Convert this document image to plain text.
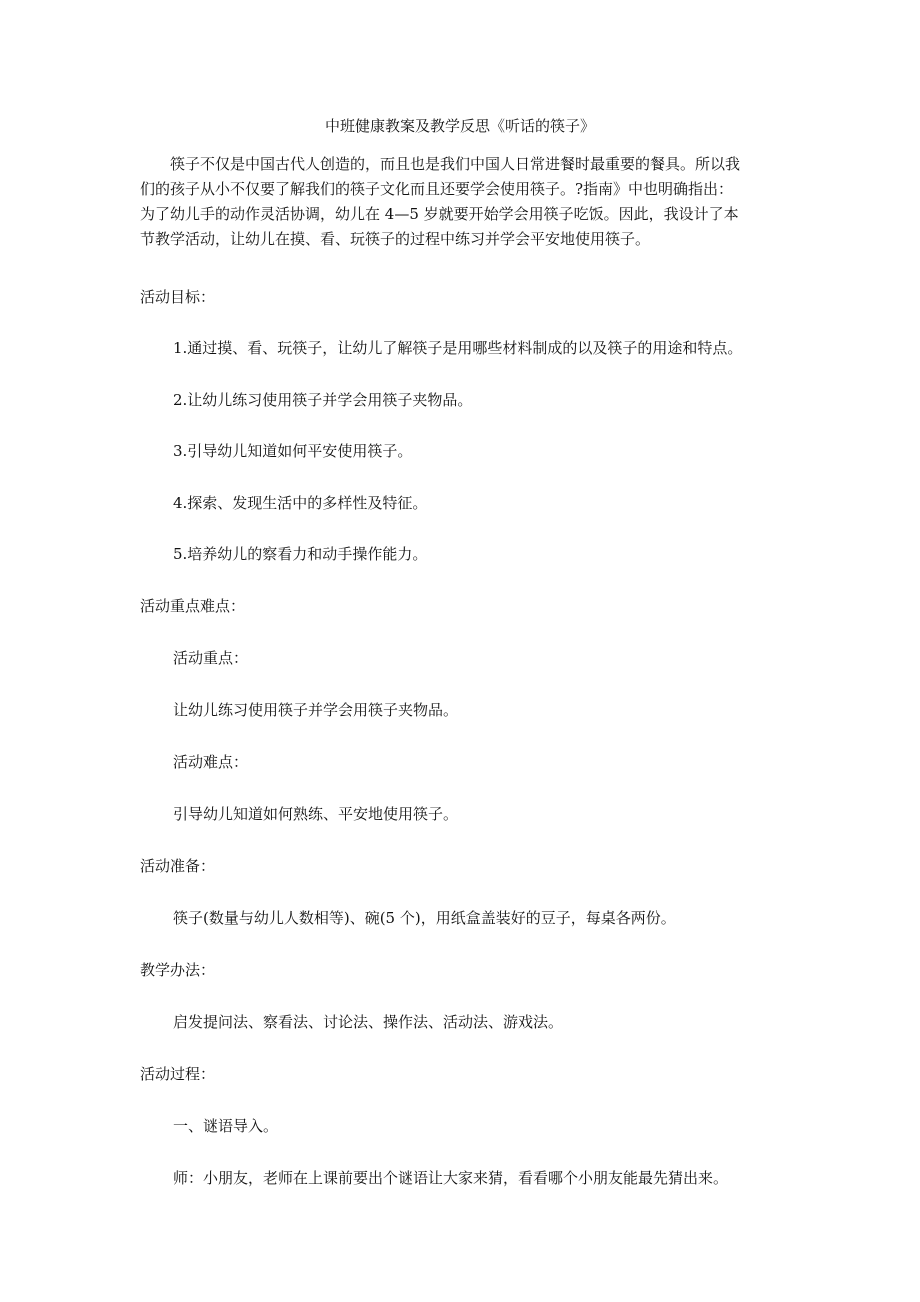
中班健康教案及教学反思《听话的筷子》
　　筷子不仅是中国古代人创造的，而且也是我们中国人日常进餐时最重要的餐具。所以我
们的孩子从小不仅要了解我们的筷子文化而且还要学会使用筷子。?指南》中也明确指出：
为了幼儿手的动作灵活协调，幼儿在 4—5 岁就要开始学会用筷子吃饭。因此，我设计了本
节教学活动，让幼儿在摸、看、玩筷子的过程中练习并学会平安地使用筷子。
活动目标：
1.通过摸、看、玩筷子，让幼儿了解筷子是用哪些材料制成的以及筷子的用途和特点。
2.让幼儿练习使用筷子并学会用筷子夹物品。
3.引导幼儿知道如何平安使用筷子。
4.探索、发现生活中的多样性及特征。
5.培养幼儿的察看力和动手操作能力。
活动重点难点：
活动重点：
让幼儿练习使用筷子并学会用筷子夹物品。
活动难点：
引导幼儿知道如何熟练、平安地使用筷子。
活动准备：
筷子(数量与幼儿人数相等)、碗(5 个)，用纸盒盖装好的豆子，每桌各两份。
教学办法：
启发提问法、察看法、讨论法、操作法、活动法、游戏法。
活动过程：
一、谜语导入。
师：小朋友，老师在上课前要出个谜语让大家来猜，看看哪个小朋友能最先猜出来。
